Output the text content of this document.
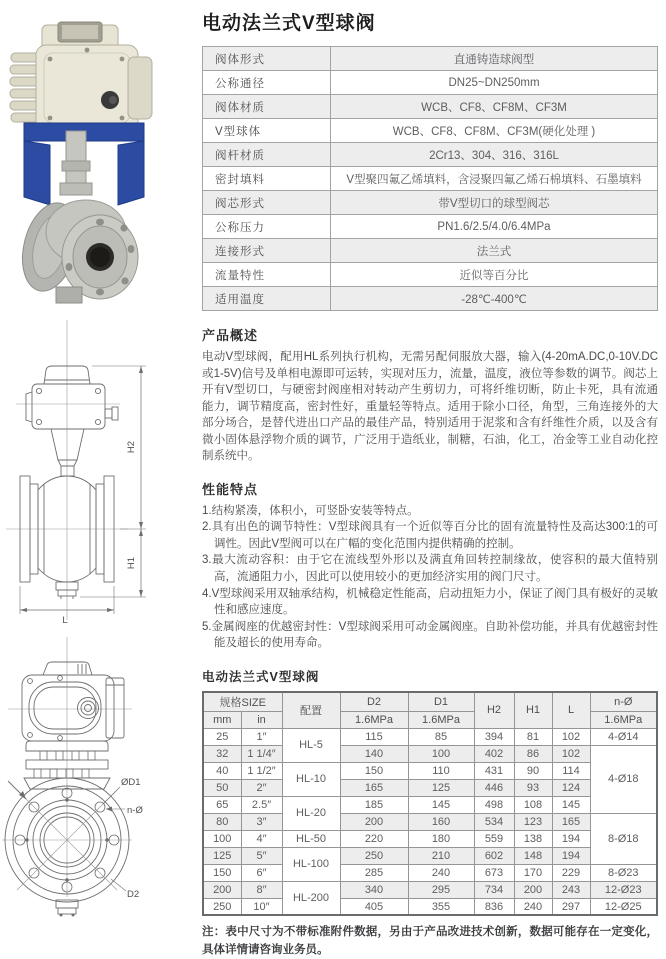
H2
H1
L
ØD1
n-Ø
D2
电动法兰式V型球阀
阀体形式	直通铸造球阀型
公称通径	DN25~DN250mm
阀体材质	WCB、CF8、CF8M、CF3M
V型球体	WCB、CF8、CF8M、CF3M(硬化处理 )
阀杆材质	2Cr13、304、316、316L
密封填料	V型聚四氟乙烯填料，含浸聚四氟乙烯石棉填料、石墨填料
阀芯形式	带V型切口的球型阀芯
公称压力	PN1.6/2.5/4.0/6.4MPa
连接形式	法兰式
流量特性	近似等百分比
适用温度	-28℃-400℃
产品概述

电动V型球阀，配用HL系列执行机构，无需另配伺服放大器，输入(4-20mA.DC,0-10V.DC或1-5V)信号及单相电源即可运转，实现对压力，流量，温度，液位等参数的调节。阀芯上开有V型切口，与硬密封阀座相对转动产生剪切力，可将纤维切断，防止卡死，具有流通能力，调节精度高，密封性好，重量轻等特点。适用于除小口径，角型，三角连接外的大部分场合，是替代进出口产品的最佳产品，特别适用于泥浆和含有纤维性介质，以及含有微小固体悬浮物介质的调节，广泛用于造纸业，制糖，石油，化工，冶金等工业自动化控制系统中。

性能特点
1.结构紧凑，体积小，可竖卧安装等特点。
2.具有出色的调节特性：V型球阀具有一个近似等百分比的固有流量特性及高达300:1的可调性。因此V型阀可以在广幅的变化范围内提供精确的控制。
3.最大流动容积：由于它在流线型外形以及满直角回转控制缘故，使容积的最大值特别高，流通阻力小，因此可以使用较小的更加经济实用的阀门尺寸。
4.V型球阀采用双轴承结构，机械稳定性能高，启动扭矩力小，保证了阀门具有极好的灵敏性和感应速度。
5.金属阀座的优越密封性：V型球阀采用可动金属阀座。自助补偿功能，并具有优越密封性能及超长的使用寿命。
电动法兰式V型球阀
规格SIZE		配置	D2	D1	H2	H1	L	n-Ø
mm	in		1.6MPa	1.6MPa				1.6MPa
25	1″	HL-5	115	85	394	81	102	4-Ø14
32	1 1/4″		140	100	402	86	102	4-Ø18
40	1 1/2″	HL-10	150	110	431	90	114	
50	2″		165	125	446	93	124	
65	2.5″	HL-20	185	145	498	108	145	
80	3″		200	160	534	123	165	8-Ø18
100	4″	HL-50	220	180	559	138	194	
125	5″	HL-100	250	210	602	148	194	
150	6″		285	240	673	170	229	8-Ø23
200	8″	HL-200	340	295	734	200	243	12-Ø23
250	10″		405	355	836	240	297	12-Ø25

注：表中尺寸为不带标准附件数据，另由于产品改进技术创新，数据可能存在一定变化，具体详情请咨询业务员。
